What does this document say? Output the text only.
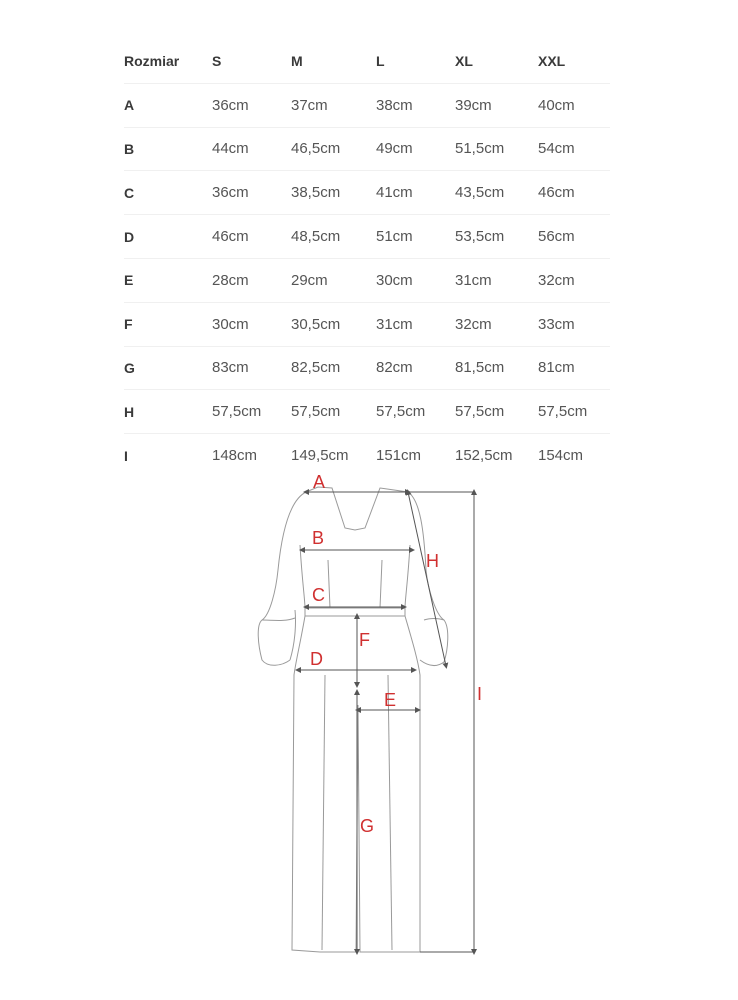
Rozmiar	S	M	L	XL	XXL
A	36cm	37cm	38cm	39cm	40cm
B	44cm	46,5cm	49cm	51,5cm	54cm
C	36cm	38,5cm	41cm	43,5cm	46cm
D	46cm	48,5cm	51cm	53,5cm	56cm
E	28cm	29cm	30cm	31cm	32cm
F	30cm	30,5cm	31cm	32cm	33cm
G	83cm	82,5cm	82cm	81,5cm	81cm
H	57,5cm	57,5cm	57,5cm	57,5cm	57,5cm
I	148cm	149,5cm	151cm	152,5cm	154cm
A
B
C
D
E
F
G
H
I
